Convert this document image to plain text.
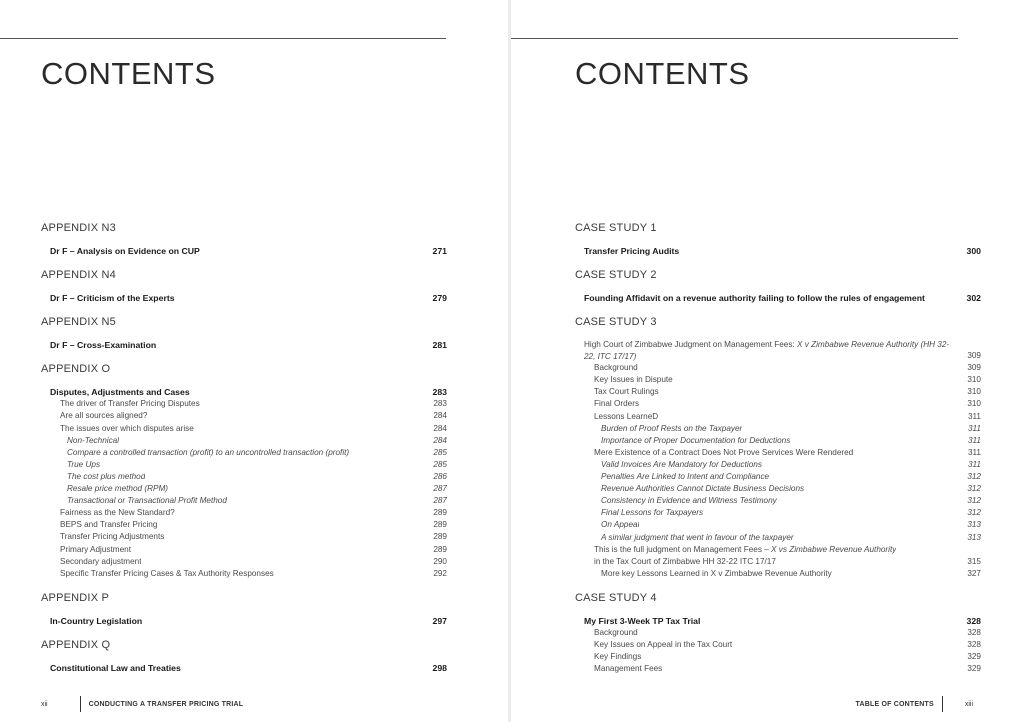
CONTENTS
APPENDIX N3
Dr F – Analysis on Evidence on CUP	271
APPENDIX N4
Dr F – Criticism of the Experts	279
APPENDIX N5
Dr F – Cross-Examination	281
APPENDIX O
Disputes, Adjustments and Cases	283
The driver of Transfer Pricing Disputes	283
Are all sources aligned?	284
The issues over which disputes arise	284
Non-Technical	284
Compare a controlled transaction (profit) to an uncontrolled transaction (profit)	285
True Ups	285
The cost plus method	286
Resale price method (RPM)	287
Transactional or Transactional Profit Method	287
Fairness as the New Standard?	289
BEPS and Transfer Pricing	289
Transfer Pricing Adjustments	289
Primary Adjustment	289
Secondary adjustment	290
Specific Transfer Pricing Cases & Tax Authority Responses	292
APPENDIX P
In-Country Legislation	297
APPENDIX Q
Constitutional Law and Treaties	298
xii	CONDUCTING A TRANSFER PRICING TRIAL
CONTENTS
CASE STUDY 1
Transfer Pricing Audits	300
CASE STUDY 2
Founding Affidavit on a revenue authority failing to follow the rules of engagement	302
CASE STUDY 3
High Court of Zimbabwe Judgment on Management Fees: X v Zimbabwe Revenue Authority (HH 32-22, ITC 17/17)	309
Background	309
Key Issues in Dispute	310
Tax Court Rulings	310
Final Orders	310
Lessons LearneD	311
Burden of Proof Rests on the Taxpayer	311
Importance of Proper Documentation for Deductions	311
Mere Existence of a Contract Does Not Prove Services Were Rendered	311
Valid Invoices Are Mandatory for Deductions	311
Penalties Are Linked to Intent and Compliance	312
Revenue Authorities Cannot Dictate Business Decisions	312
Consistency in Evidence and Witness Testimony	312
Final Lessons for Taxpayers	312
On Appeal	313
A similar judgment that went in favour of the taxpayer	313
This is the full judgment on Management Fees – X vs Zimbabwe Revenue Authority
in the Tax Court of Zimbabwe HH 32-22 ITC 17/17	315
More key Lessons Learned in X v Zimbabwe Revenue Authority	327
CASE STUDY 4
My First 3-Week TP Tax Trial	328
Background	328
Key Issues on Appeal in the Tax Court	328
Key Findings	329
Management Fees	329
TABLE OF CONTENTS	xiii
